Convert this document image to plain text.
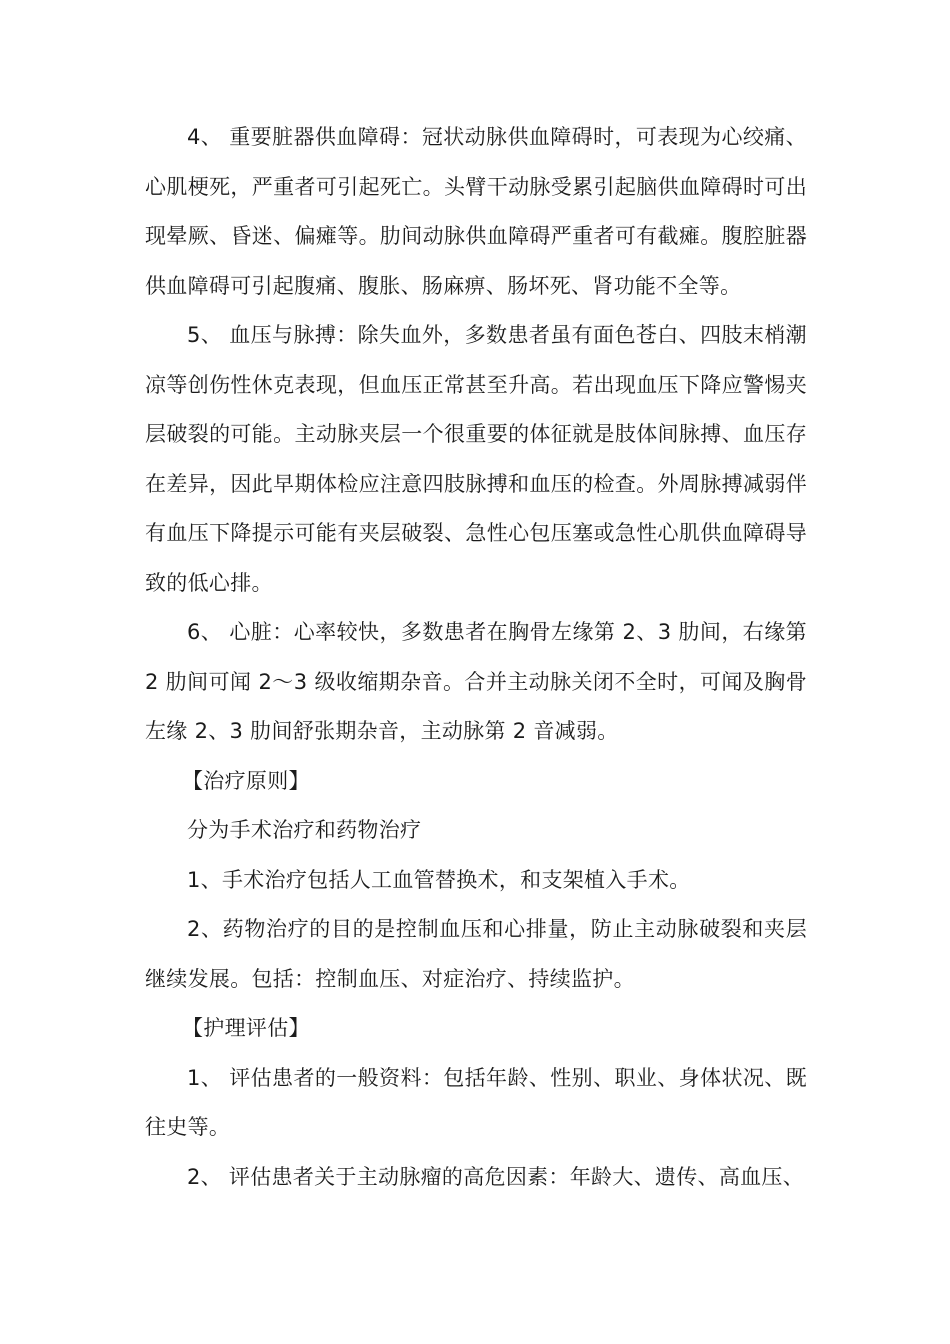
4、 重要脏器供血障碍：冠状动脉供血障碍时，可表现为心绞痛、心肌梗死，严重者可引起死亡。头臂干动脉受累引起脑供血障碍时可出现晕厥、昏迷、偏瘫等。肋间动脉供血障碍严重者可有截瘫。腹腔脏器供血障碍可引起腹痛、腹胀、肠麻痹、肠坏死、肾功能不全等。

5、 血压与脉搏：除失血外，多数患者虽有面色苍白、四肢末梢潮凉等创伤性休克表现，但血压正常甚至升高。若出现血压下降应警惕夹层破裂的可能。主动脉夹层一个很重要的体征就是肢体间脉搏、血压存在差异，因此早期体检应注意四肢脉搏和血压的检查。外周脉搏减弱伴有血压下降提示可能有夹层破裂、急性心包压塞或急性心肌供血障碍导致的低心排。

6、 心脏：心率较快，多数患者在胸骨左缘第 2、3 肋间，右缘第 2 肋间可闻 2～3 级收缩期杂音。合并主动脉关闭不全时，可闻及胸骨左缘 2、3 肋间舒张期杂音，主动脉第 2 音减弱。

【治疗原则】

分为手术治疗和药物治疗

1、手术治疗包括人工血管替换术，和支架植入手术。

2、药物治疗的目的是控制血压和心排量，防止主动脉破裂和夹层继续发展。包括：控制血压、对症治疗、持续监护。

【护理评估】

1、 评估患者的一般资料：包括年龄、性别、职业、身体状况、既往史等。

2、 评估患者关于主动脉瘤的高危因素：年龄大、遗传、高血压、
